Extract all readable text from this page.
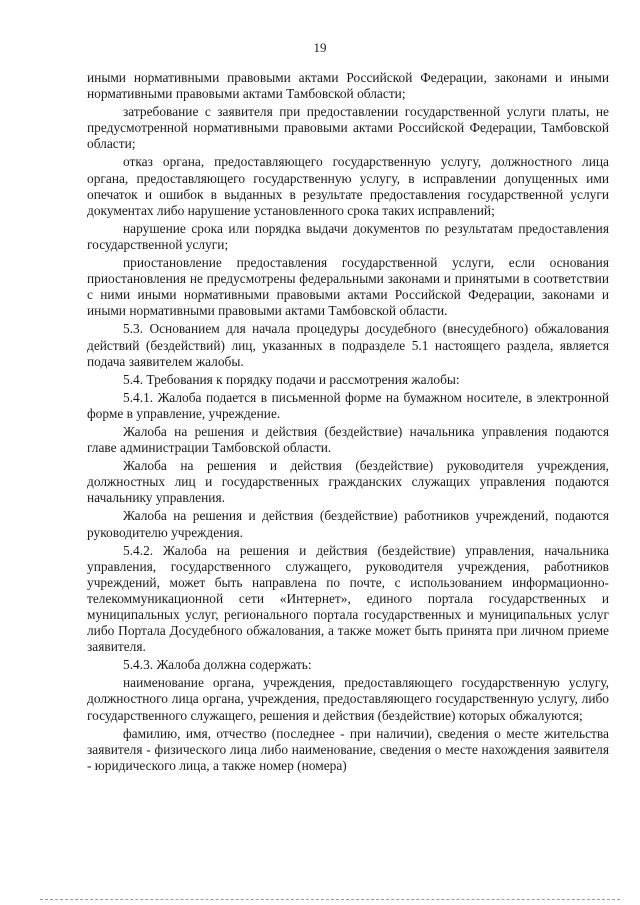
19

иными нормативными правовыми актами Российской Федерации, законами и иными нормативными правовыми актами Тамбовской области;

затребование с заявителя при предоставлении государственной услуги платы, не предусмотренной нормативными правовыми актами Российской Федерации, Тамбовской области;

отказ органа, предоставляющего государственную услугу, должностного лица органа, предоставляющего государственную услугу, в исправлении допущенных ими опечаток и ошибок в выданных в результате предоставления государственной услуги документах либо нарушение установленного срока таких исправлений;

нарушение срока или порядка выдачи документов по результатам предоставления государственной услуги;

приостановление предоставления государственной услуги, если основания приостановления не предусмотрены федеральными законами и принятыми в соответствии с ними иными нормативными правовыми актами Российской Федерации, законами и иными нормативными правовыми актами Тамбовской области.

5.3. Основанием для начала процедуры досудебного (внесудебного) обжалования действий (бездействий) лиц, указанных в подразделе 5.1 настоящего раздела, является подача заявителем жалобы.

5.4. Требования к порядку подачи и рассмотрения жалобы:

5.4.1. Жалоба подается в письменной форме на бумажном носителе, в электронной форме в управление, учреждение.

Жалоба на решения и действия (бездействие) начальника управления подаются главе администрации Тамбовской области.

Жалоба на решения и действия (бездействие) руководителя учреждения, должностных лиц и государственных гражданских служащих управления подаются начальнику управления.

Жалоба на решения и действия (бездействие) работников учреждений, подаются руководителю учреждения.

5.4.2. Жалоба на решения и действия (бездействие) управления, начальника управления, государственного служащего, руководителя учреждения, работников учреждений, может быть направлена по почте, с использованием информационно-телекоммуникационной сети «Интернет», единого портала государственных и муниципальных услуг, регионального портала государственных и муниципальных услуг либо Портала Досудебного обжалования, а также может быть принята при личном приеме заявителя.

5.4.3. Жалоба должна содержать:

наименование органа, учреждения, предоставляющего государственную услугу, должностного лица органа, учреждения, предоставляющего государственную услугу, либо государственного служащего, решения и действия (бездействие) которых обжалуются;

фамилию, имя, отчество (последнее - при наличии), сведения о месте жительства заявителя - физического лица либо наименование, сведения о месте нахождения заявителя - юридического лица, а также номер (номера)
